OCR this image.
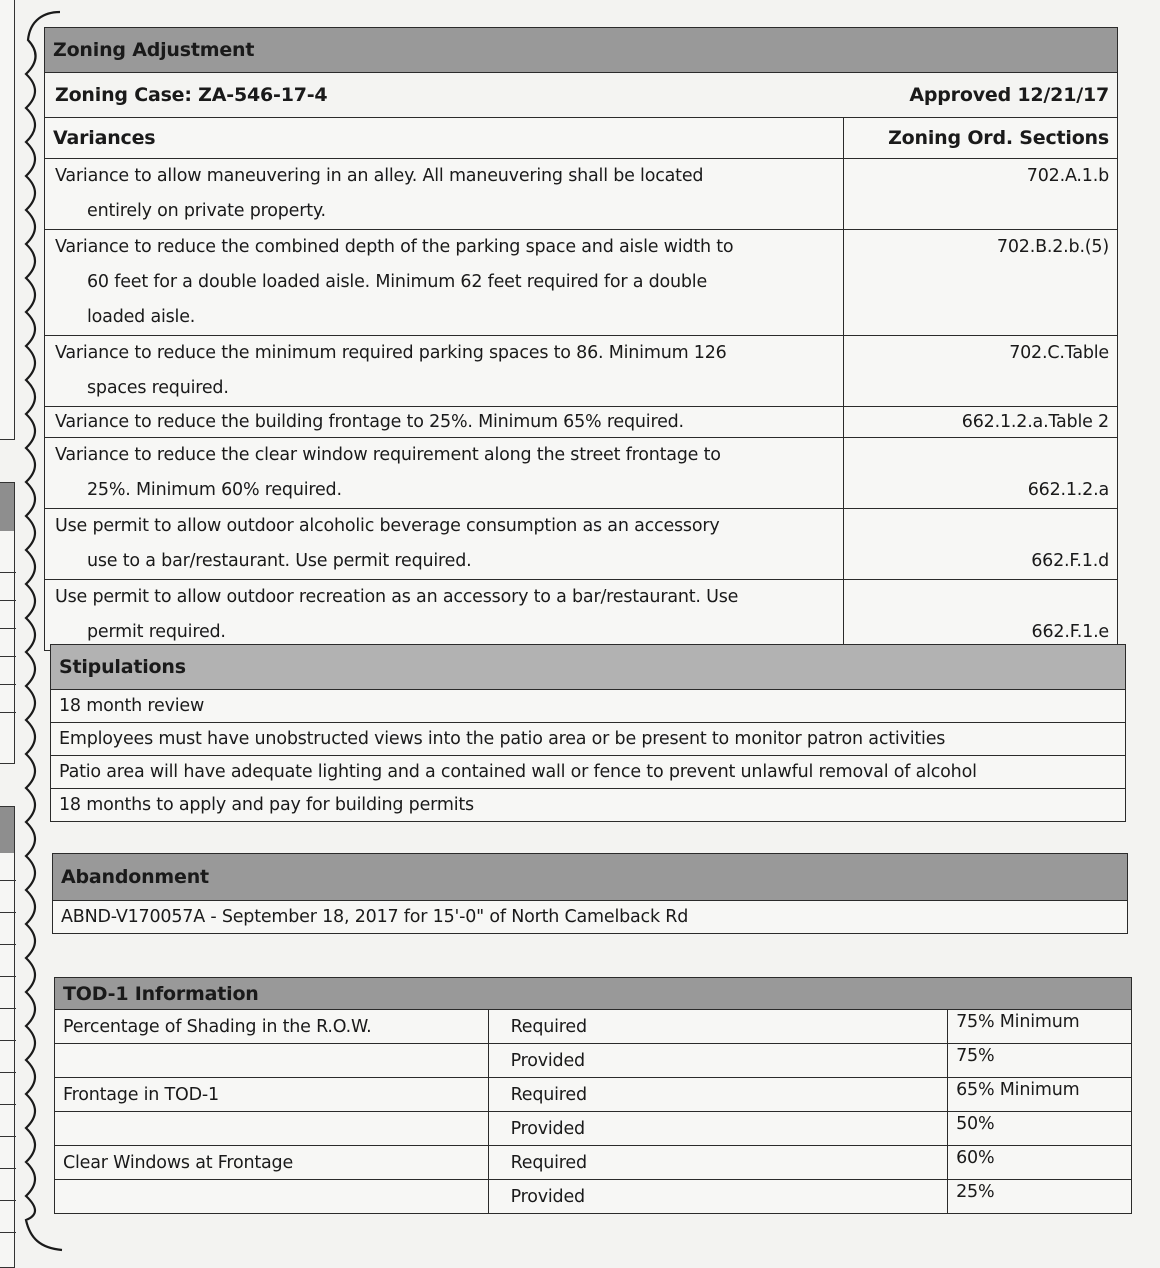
Zoning Adjustment	
Zoning Case: ZA-546-17-4 Approved 12/21/17	

Variances	Zoning Ord. Sections
Variance to allow maneuvering in an alley. All maneuvering shall be located
entirely on private property.	702.A.1.b
Variance to reduce the combined depth of the parking space and aisle width to
60 feet for a double loaded aisle. Minimum 62 feet required for a double
loaded aisle.	702.B.2.b.(5)
Variance to reduce the minimum required parking spaces to 86. Minimum 126
spaces required.	702.C.Table
Variance to reduce the building frontage to 25%. Minimum 65% required.	662.1.2.a.Table 2
Variance to reduce the clear window requirement along the street frontage to
25%. Minimum 60% required.	662.1.2.a
Use permit to allow outdoor alcoholic beverage consumption as an accessory
use to a bar/restaurant. Use permit required.	662.F.1.d
Use permit to allow outdoor recreation as an accessory to a bar/restaurant. Use
permit required.	662.F.1.e
Stipulations
18 month review
Employees must have unobstructed views into the patio area or be present to monitor patron activities
Patio area will have adequate lighting and a contained wall or fence to prevent unlawful removal of alcohol
18 months to apply and pay for building permits
Abandonment
ABND-V170057A - September 18, 2017 for 15'-0" of North Camelback Rd
TOD-1 Information		
Percentage of Shading in the R.O.W.	Required	75% Minimum
	Provided	75%
Frontage in TOD-1	Required	65% Minimum
	Provided	50%
Clear Windows at Frontage	Required	60%
	Provided	25%
